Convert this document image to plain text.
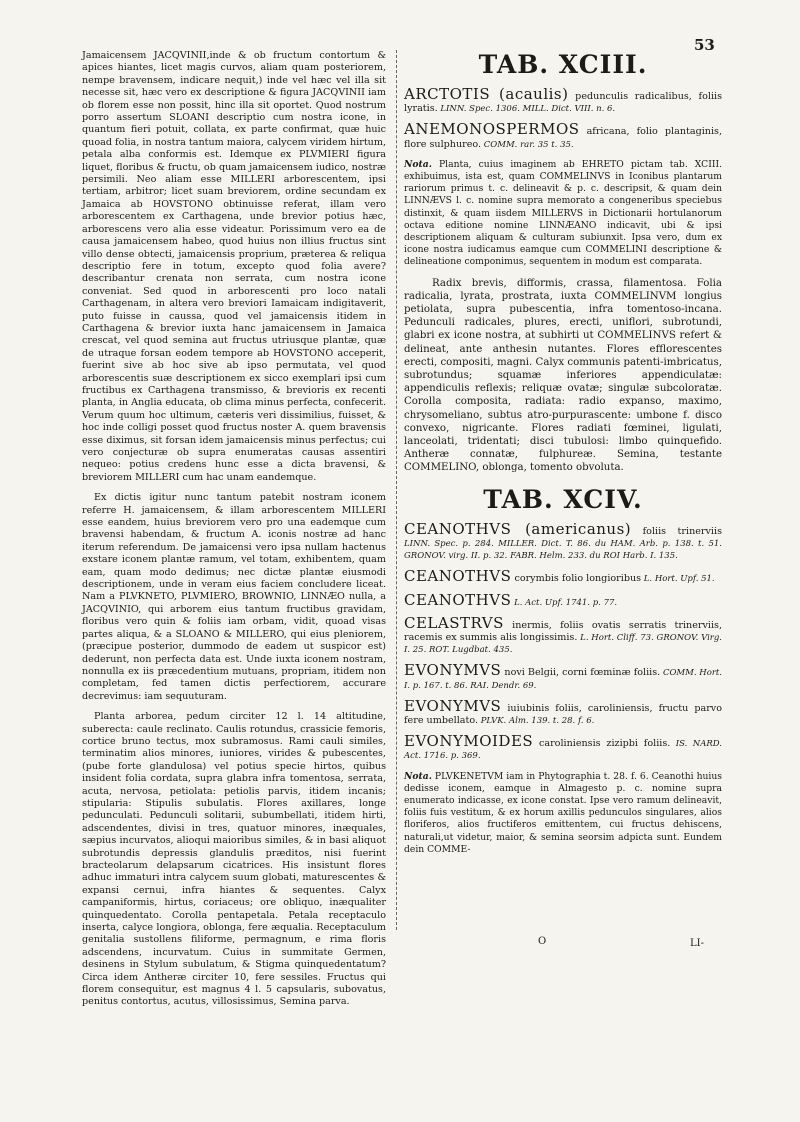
53

Jamaicensem JACQVINII,inde & ob fructum contortum & apices hiantes, licet magis curvos, aliam quam posteriorem, nempe bravensem, indicare nequit,) inde vel hæc vel illa sit necesse sit, hæc vero ex descriptione & figura JACQVINII iam ob florem esse non possit, hinc illa sit oportet. Quod nostrum porro assertum SLOANI descriptio cum nostra icone, in quantum fieri potuit, collata, ex parte confirmat, quæ huic quoad folia, in nostra tantum maiora, calycem viridem hirtum, petala alba conformis est. Idemque ex PLVMIERI figura liquet, floribus & fructu, ob quam jamaicensem iudico, nostræ persimili. Neo aliam esse MILLERI arborescentem, ipsi tertiam, arbitror; licet suam breviorem, ordine secundam ex Jamaica ab HOVSTONO obtinuisse referat, illam vero arborescentem ex Carthagena, unde brevior potius hæc, arborescens vero alia esse videatur. Porissimum vero ea de causa jamaicensem habeo, quod huius non illius fructus sint villo dense obtecti, jamaicensis proprium, præterea & reliqua descriptio fere in totum, excepto quod folia avere? describantur crenata non serrata, cum nostra icone conveniat. Sed quod in arborescenti pro loco natali Carthagenam, in altera vero breviori Iamaicam indigitaverit, puto fuisse in caussa, quod vel jamaicensis itidem in Carthagena & brevior iuxta hanc jamaicensem in Jamaica crescat, vel quod semina aut fructus utriusque plantæ, quæ de utraque forsan eodem tempore ab HOVSTONO acceperit, fuerint sive ab hoc sive ab ipso permutata, vel quod arborescentis suæ descriptionem ex sicco exemplari ipsi cum fructibus ex Carthagena transmisso, & brevioris ex recenti planta, in Anglia educata, ob clima minus perfecta, confecerit. Verum quum hoc ultimum, cæteris veri dissimilius, fuisset, & hoc inde colligi posset quod fructus noster A. quem bravensis esse diximus, sit forsan idem jamaicensis minus perfectus; cui vero conjecturæ ob supra enumeratas causas assentiri nequeo: potius credens hunc esse a dicta bravensi, & breviorem MILLERI cum hac unam eandemque.

Ex dictis igitur nunc tantum patebit nostram iconem referre H. jamaicensem, & illam arborescentem MILLERI esse eandem, huius breviorem vero pro una eademque cum bravensi habendam, & fructum A. iconis nostræ ad hanc iterum referendum. De jamaicensi vero ipsa nullam hactenus exstare iconem plantæ ramum, vel totam, exhibentem, quam eam, quam modo dedimus; nec dictæ plantæ eiusmodi descriptionem, unde in veram eius faciem concludere liceat. Nam a PLVKNETO, PLVMIERO, BROWNIO, LINNÆO nulla, a JACQVINIO, qui arborem eius tantum fructibus gravidam, floribus vero quin & foliis iam orbam, vidit, quoad visas partes aliqua, & a SLOANO & MILLERO, qui eius pleniorem, (præcipue posterior, dummodo de eadem ut suspicor est) dederunt, non perfecta data est. Unde iuxta iconem nostram, nonnulla ex iis præcedentium mutuans, propriam, itidem non completam, fed tamen dictis perfectiorem, accurare decrevimus: iam sequuturam.

Planta arborea, pedum circiter 12 l. 14 altitudine, suberecta: caule reclinato. Caulis rotundus, crassicie femoris, cortice bruno tectus, mox subramosus. Rami cauli similes, terminatim alios minores, iuniores, virides & pubescentes, (pube forte glandulosa) vel potius specie hirtos, quibus insident folia cordata, supra glabra infra tomentosa, serrata, acuta, nervosa, petiolata: petiolis parvis, itidem incanis; stipularia: Stipulis subulatis. Flores axillares, longe pedunculati. Pedunculi solitarii, subumbellati, itidem hirti, adscendentes, divisi in tres, quatuor minores, inæquales, sæpius incurvatos, alioqui maioribus similes, & in basi aliquot subrotundis depressis glandulis præditos, nisi fuerint bracteolarum delapsarum cicatrices. His insistunt flores adhuc immaturi intra calycem suum globati, maturescentes & expansi cernui, infra hiantes & sequentes. Calyx campaniformis, hirtus, coriaceus; ore obliquo, inæqualiter quinquedentato. Corolla pentapetala. Petala receptaculo inserta, calyce longiora, oblonga, fere æqualia. Receptaculum genitalia sustollens filiforme, permagnum, e rima floris adscendens, incurvatum. Cuius in summitate Germen, desinens in Stylum subulatum, & Stigma quinquedentatum? Circa idem Antheræ circiter 10, fere sessiles. Fructus qui florem consequitur, est magnus 4 l. 5 capsularis, subovatus, penitus contortus, acutus, villosissimus, Semina parva.

TAB. XCIII.
ARCTOTIS (acaulis) pedunculis radicalibus, foliis lyratis. LINN. Spec. 1306. MILL. Dict. VIII. n. 6.
ANEMONOSPERMOS africana, folio plantaginis, flore sulphureo. COMM. rar. 35 t. 35.
Nota. Planta, cuius imaginem ab EHRETO pictam tab. XCIII. exhibuimus, ista est, quam COMMELINVS in Iconibus plantarum rariorum primus t. c. delineavit & p. c. descripsit, & quam dein LINNÆVS l. c. nomine supra memorato a congeneribus speciebus distinxit, & quam iisdem MILLERVS in Dictionarii hortulanorum octava editione nomine LINNÆANO indicavit, ubi & ipsi descriptionem aliquam & culturam subiunxit. Ipsa vero, dum ex icone nostra iudicamus eamque cum COMMELINI descriptione & delineatione componimus, sequentem in modum est comparata.
Radix brevis, difformis, crassa, filamentosa. Folia radicalia, lyrata, prostrata, iuxta COMMELINVM longius petiolata, supra pubescentia, infra tomentoso-incana. Pedunculi radicales, plures, erecti, uniflori, subrotundi, glabri ex icone nostra, at subhirti ut COMMELINVS refert & delineat, ante anthesin nutantes. Flores efflorescentes erecti, compositi, magni. Calyx communis patenti-imbricatus, subrotundus; squamæ inferiores appendiculatæ: appendiculis reflexis; reliquæ ovatæ; singulæ subcoloratæ. Corolla composita, radiata: radio expanso, maximo, chrysomeliano, subtus atro-purpurascente: umbone f. disco convexo, nigricante. Flores radiati fœminei, ligulati, lanceolati, tridentati; disci tubulosi: limbo quinquefido. Antheræ connatæ, fulphureæ. Semina, testante COMMELINO, oblonga, tomento obvoluta.
TAB. XCIV.
CEANOTHVS (americanus) foliis trinerviis LINN. Spec. p. 284. MILLER. Dict. T. 86. du HAM. Arb. p. 138. t. 51. GRONOV. virg. II. p. 32. FABR. Helm. 233. du ROI Harb. I. 135.
CEANOTHVS corymbis folio longioribus L. Hort. Upf. 51.
CEANOTHVS L. Act. Upf. 1741. p. 77.
CELASTRVS inermis, foliis ovatis serratis trinerviis, racemis ex summis alis longissimis. L. Hort. Cliff. 73. GRONOV. Virg. I. 25. ROT. Lugdbat. 435.
EVONYMVS novi Belgii, corni fœminæ foliis. COMM. Hort. I. p. 167. t. 86. RAI. Dendr. 69.
EVONYMVS iuiubinis foliis, caroliniensis, fructu parvo fere umbellato. PLVK. Alm. 139. t. 28. f. 6.
EVONYMOIDES caroliniensis zizipbi foliis. IS. NARD. Act. 1716. p. 369.
Nota. PLVKENETVM iam in Phytographia t. 28. f. 6. Ceanothi huius dedisse iconem, eamque in Almagesto p. c. nomine supra enumerato indicasse, ex icone constat. Ipse vero ramum delineavit, foliis fuis vestitum, & ex horum axillis pedunculos singulares, alios floriferos, alios fructiferos emittentem, cui fructus dehiscens, naturali,ut videtur, maior, & semina seorsim adpicta sunt. Eundem dein COMME-
O	LI-
